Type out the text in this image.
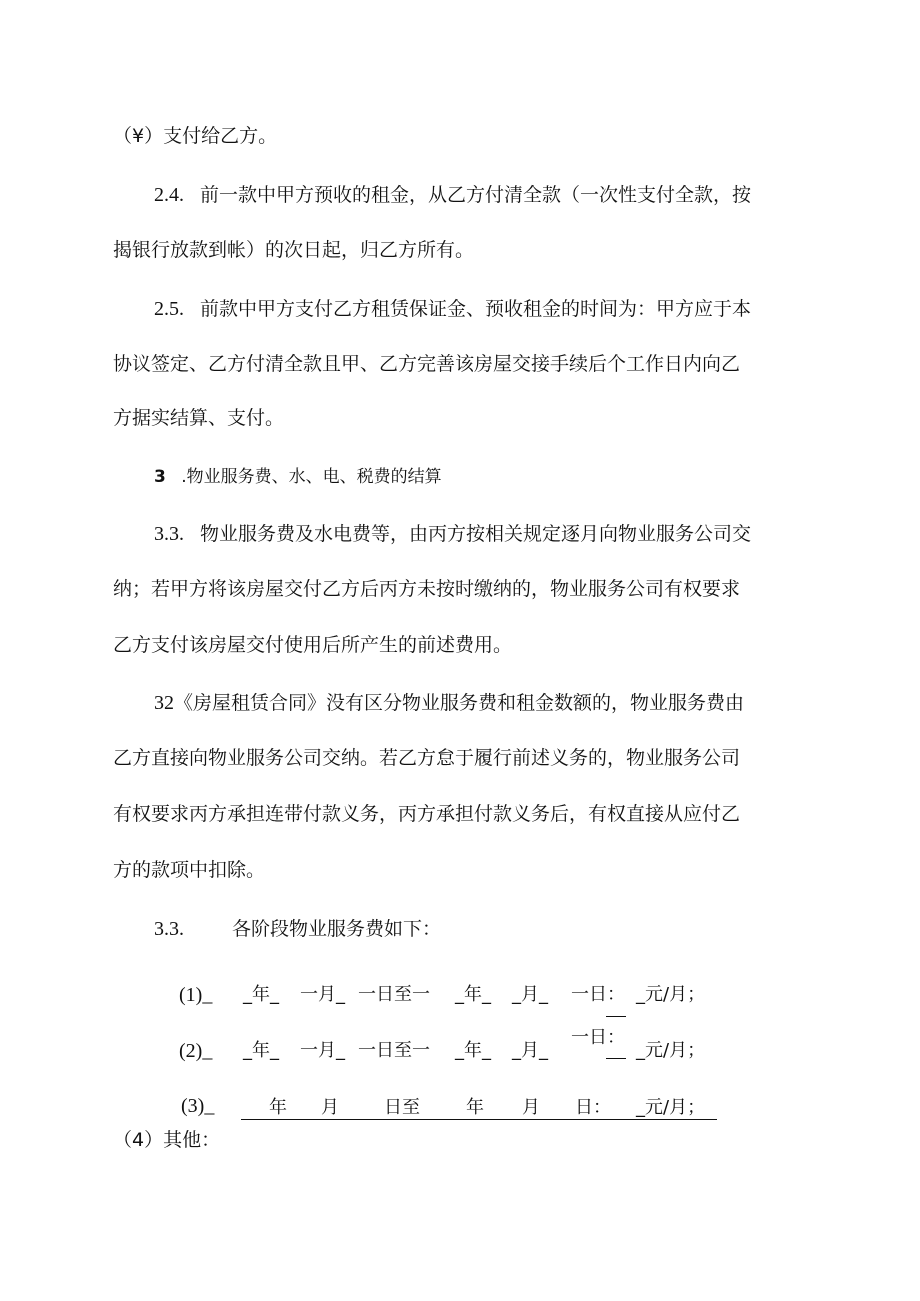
（¥）支付给乙方。
2.4. 前一款中甲方预收的租金，从乙方付清全款（一次性支付全款，按
揭银行放款到帐）的次日起，归乙方所有。
2.5. 前款中甲方支付乙方租赁保证金、预收租金的时间为：甲方应于本
协议签定、乙方付清全款且甲、乙方完善该房屋交接手续后个工作日内向乙
方据实结算、支付。
3 .物业服务费、水、电、税费的结算
3.3. 物业服务费及水电费等，由丙方按相关规定逐月向物业服务公司交
纳；若甲方将该房屋交付乙方后丙方未按时缴纳的，物业服务公司有权要求
乙方支付该房屋交付使用后所产生的前述费用。
32《房屋租赁合同》没有区分物业服务费和租金数额的，物业服务费由
乙方直接向物业服务公司交纳。若乙方怠于履行前述义务的，物业服务公司
有权要求丙方承担连带付款义务，丙方承担付款义务后，有权直接从应付乙
方的款项中扣除。
3.3.	各阶段物业服务费如下：
(1)_ _年_ 一月_ 一日至一 _年_ _月_ 一日： _元/月；
(2)_ _年_ 一月_ 一日至一 _年_ _月_
一日：
_元/月；
(3)_	年 月	日至	年 月 日： _元/月；
（4）其他：
